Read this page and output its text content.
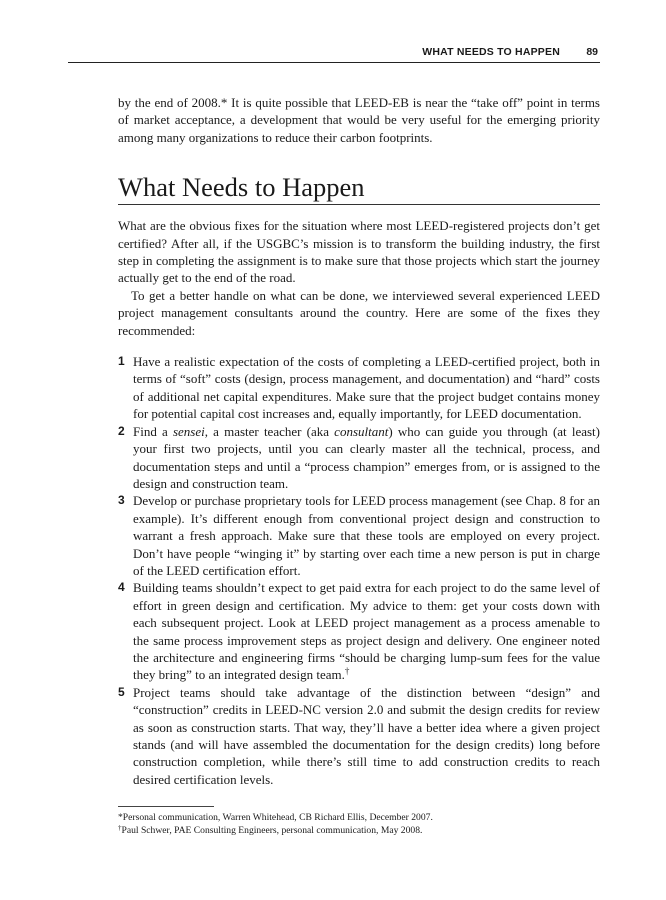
WHAT NEEDS TO HAPPEN	89

by the end of 2008.* It is quite possible that LEED-EB is near the “take off” point in terms of market acceptance, a development that would be very useful for the emerging priority among many organizations to reduce their carbon footprints.

What Needs to Happen

What are the obvious fixes for the situation where most LEED-registered projects don’t get certified? After all, if the USGBC’s mission is to transform the building industry, the first step in completing the assignment is to make sure that those projects which start the journey actually get to the end of the road.

To get a better handle on what can be done, we interviewed several experienced LEED project management consultants around the country. Here are some of the fixes they recommended:

1 Have a realistic expectation of the costs of completing a LEED-certified project, both in terms of “soft” costs (design, process management, and documentation) and “hard” costs of additional net capital expenditures. Make sure that the project budget contains money for potential capital cost increases and, equally importantly, for LEED documentation.
2 Find a sensei, a master teacher (aka consultant) who can guide you through (at least) your first two projects, until you can clearly master all the technical, process, and documentation steps and until a “process champion” emerges from, or is assigned to the design and construction team.
3 Develop or purchase proprietary tools for LEED process management (see Chap. 8 for an example). It’s different enough from conventional project design and construction to warrant a fresh approach. Make sure that these tools are employed on every project. Don’t have people “winging it” by starting over each time a new person is put in charge of the LEED certification effort.
4 Building teams shouldn’t expect to get paid extra for each project to do the same level of effort in green design and certification. My advice to them: get your costs down with each subsequent project. Look at LEED project management as a process amenable to the same process improvement steps as project design and delivery. One engineer noted the architecture and engineering firms “should be charging lump-sum fees for the value they bring” to an integrated design team.†
5 Project teams should take advantage of the distinction between “design” and “construction” credits in LEED-NC version 2.0 and submit the design credits for review as soon as construction starts. That way, they’ll have a better idea where a given project stands (and will have assembled the documentation for the design credits) long before construction completion, while there’s still time to add construction credits to reach desired certification levels.
*Personal communication, Warren Whitehead, CB Richard Ellis, December 2007.
†Paul Schwer, PAE Consulting Engineers, personal communication, May 2008.
